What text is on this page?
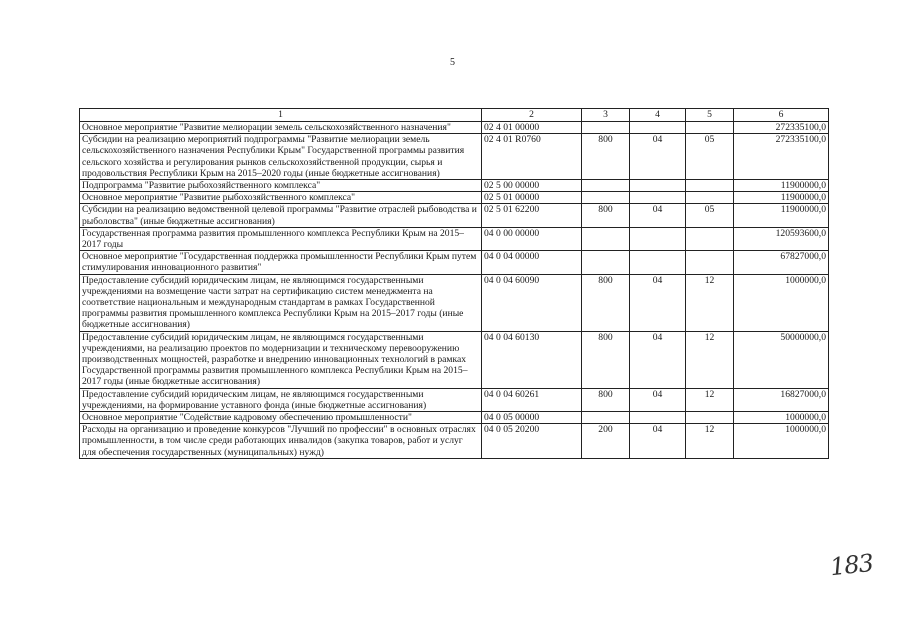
5
1	2	3	4	5	6
Основное мероприятие "Развитие мелиорации земель сельскохозяйственного назначения"	02 4 01 00000				272335100,0
Субсидии на реализацию мероприятий подпрограммы "Развитие мелиорации земель сельскохозяйственного назначения Республики Крым" Государственной программы развития сельского хозяйства и регулирования рынков сельскохозяйственной продукции, сырья и продовольствия Республики Крым на 2015–2020 годы (иные бюджетные ассигнования)	02 4 01 R0760	800	04	05	272335100,0
Подпрограмма "Развитие рыбохозяйственного комплекса"	02 5 00 00000				11900000,0
Основное мероприятие "Развитие рыбохозяйственного комплекса"	02 5 01 00000				11900000,0
Субсидии на реализацию ведомственной целевой программы "Развитие отраслей рыбоводства и рыболовства" (иные бюджетные ассигнования)	02 5 01 62200	800	04	05	11900000,0
Государственная программа развития промышленного комплекса Республики Крым на 2015–2017 годы	04 0 00 00000				120593600,0
Основное мероприятие "Государственная поддержка промышленности Республики Крым путем стимулирования инновационного развития"	04 0 04 00000				67827000,0
Предоставление субсидий юридическим лицам, не являющимся государственными учреждениями на возмещение части затрат на сертификацию систем менеджмента на соответствие национальным и международным стандартам в рамках Государственной программы развития промышленного комплекса Республики Крым на 2015–2017 годы (иные бюджетные ассигнования)	04 0 04 60090	800	04	12	1000000,0
Предоставление субсидий юридическим лицам, не являющимся государственными учреждениями, на реализацию проектов по модернизации и техническому перевооружению производственных мощностей, разработке и внедрению инновационных технологий в рамках Государственной программы развития промышленного комплекса Республики Крым на 2015–2017 годы (иные бюджетные ассигнования)	04 0 04 60130	800	04	12	50000000,0
Предоставление субсидий юридическим лицам, не являющимся государственными учреждениями, на формирование уставного фонда (иные бюджетные ассигнования)	04 0 04 60261	800	04	12	16827000,0
Основное мероприятие "Содействие кадровому обеспечению промышленности"	04 0 05 00000				1000000,0
Расходы на организацию и проведение конкурсов "Лучший по профессии" в основных отраслях промышленности, в том числе среди работающих инвалидов (закупка товаров, работ и услуг для обеспечения государственных (муниципальных) нужд)	04 0 05 20200	200	04	12	1000000,0
183
